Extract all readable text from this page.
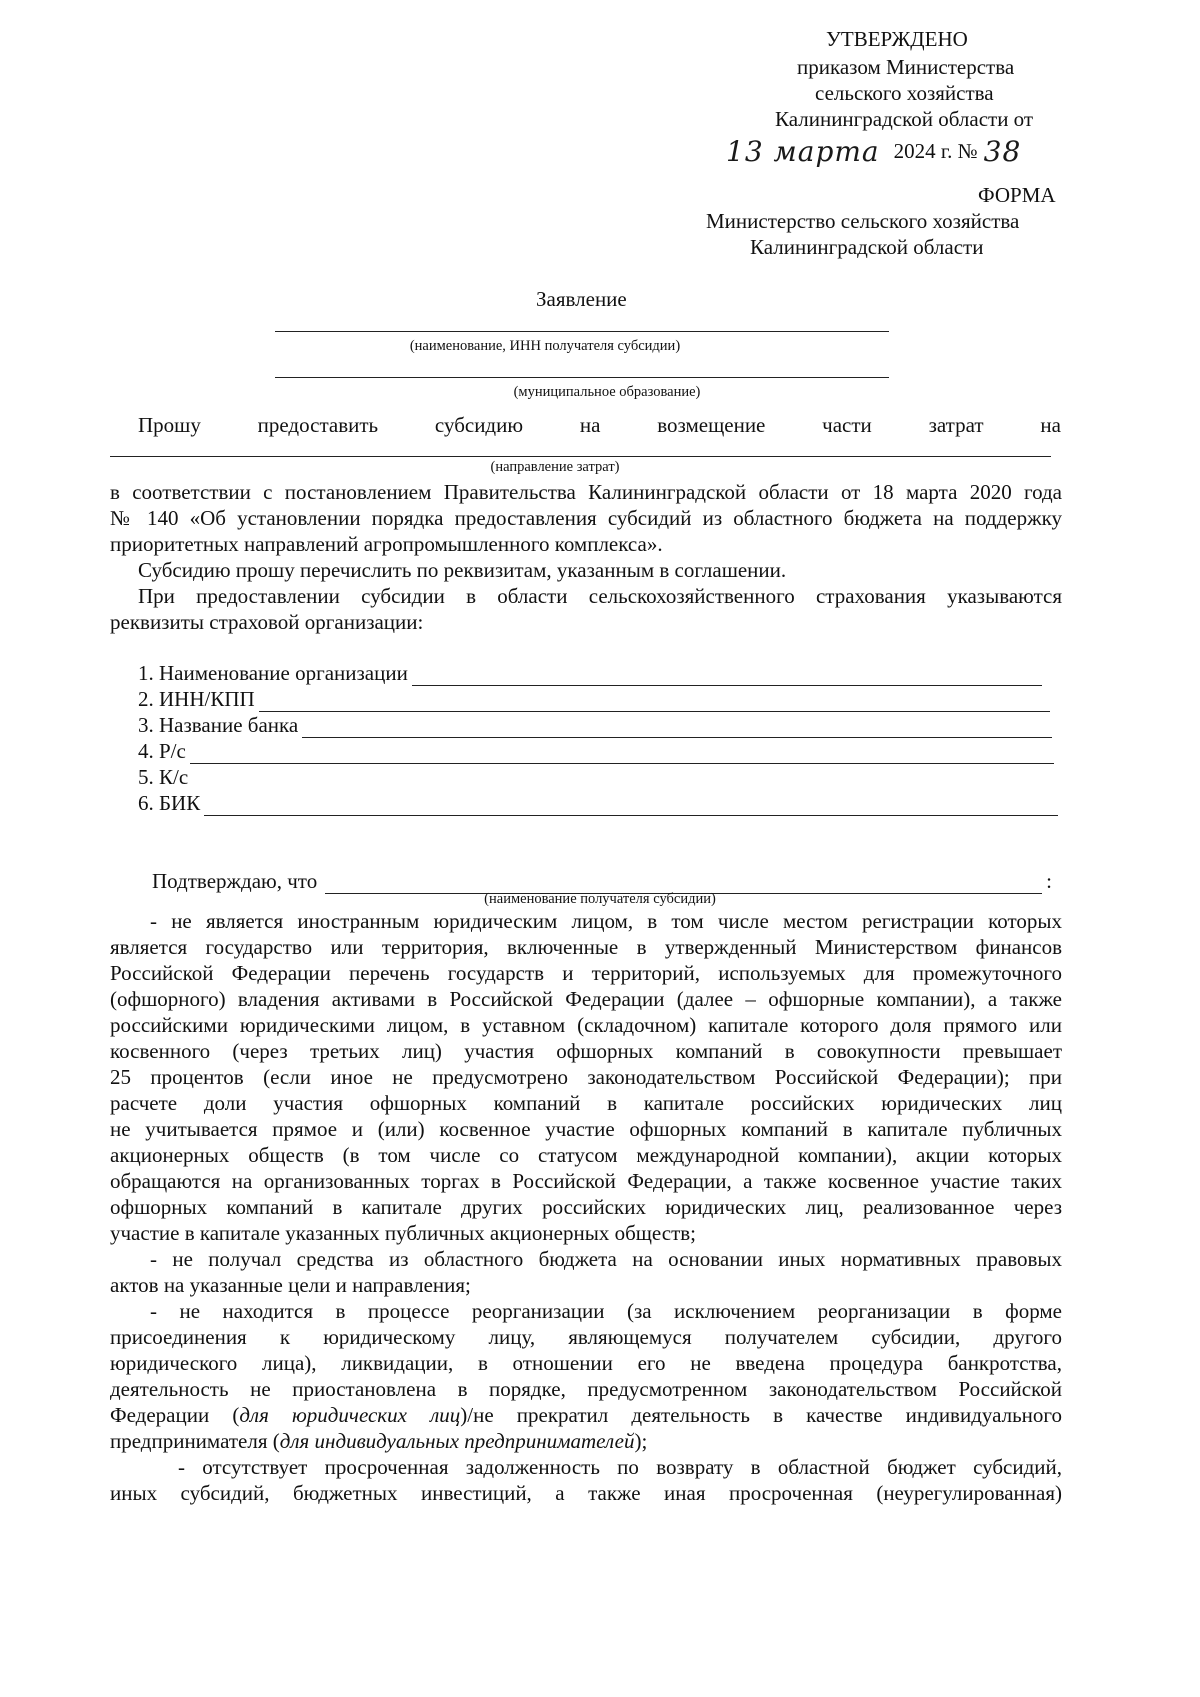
УТВЕРЖДЕНО
приказом Министерства
сельского хозяйства
Калининградской области от
13 марта 2024 г. № 38
ФОРМА
Министерство сельского хозяйства
Калининградской области
Заявление
(наименование, ИНН получателя субсидии)
(муниципальное образование)
Прошу	предоставить	субсидию	на	возмещение	части	затрат	на
(направление затрат)
в соответствии с постановлением Правительства Калининградской области от 18 марта 2020 года
№ 140 «Об установлении порядка предоставления субсидий из областного бюджета на поддержку
приоритетных направлений агропромышленного комплекса».
Субсидию прошу перечислить по реквизитам, указанным в соглашении.
При предоставлении субсидии в области сельскохозяйственного страхования указываются
реквизиты страховой организации:
1. Наименование организации
2. ИНН/КПП
3. Название банка
4. Р/с
5. К/с
6. БИК
Подтверждаю, что	:
(наименование получателя субсидии)
- не является иностранным юридическим лицом, в том числе местом регистрации которых
является государство или территория, включенные в утвержденный Министерством финансов
Российской Федерации перечень государств и территорий, используемых для промежуточного
(офшорного) владения активами в Российской Федерации (далее – офшорные компании), а также
российскими юридическими лицом, в уставном (складочном) капитале которого доля прямого или
косвенного (через третьих лиц) участия офшорных компаний в совокупности превышает
25 процентов (если иное не предусмотрено законодательством Российской Федерации); при
расчете доли участия офшорных компаний в капитале российских юридических лиц
не учитывается прямое и (или) косвенное участие офшорных компаний в капитале публичных
акционерных обществ (в том числе со статусом международной компании), акции которых
обращаются на организованных торгах в Российской Федерации, а также косвенное участие таких
офшорных компаний в капитале других российских юридических лиц, реализованное через
участие в капитале указанных публичных акционерных обществ;
- не получал средства из областного бюджета на основании иных нормативных правовых
актов на указанные цели и направления;
- не находится в процессе реорганизации (за исключением реорганизации в форме
присоединения к юридическому лицу, являющемуся получателем субсидии, другого
юридического лица), ликвидации, в отношении его не введена процедура банкротства,
деятельность не приостановлена в порядке, предусмотренном законодательством Российской
Федерации (для юридических лиц)/не прекратил деятельность в качестве индивидуального
предпринимателя (для индивидуальных предпринимателей);
- отсутствует просроченная задолженность по возврату в областной бюджет субсидий,
иных субсидий, бюджетных инвестиций, а также иная просроченная (неурегулированная)
